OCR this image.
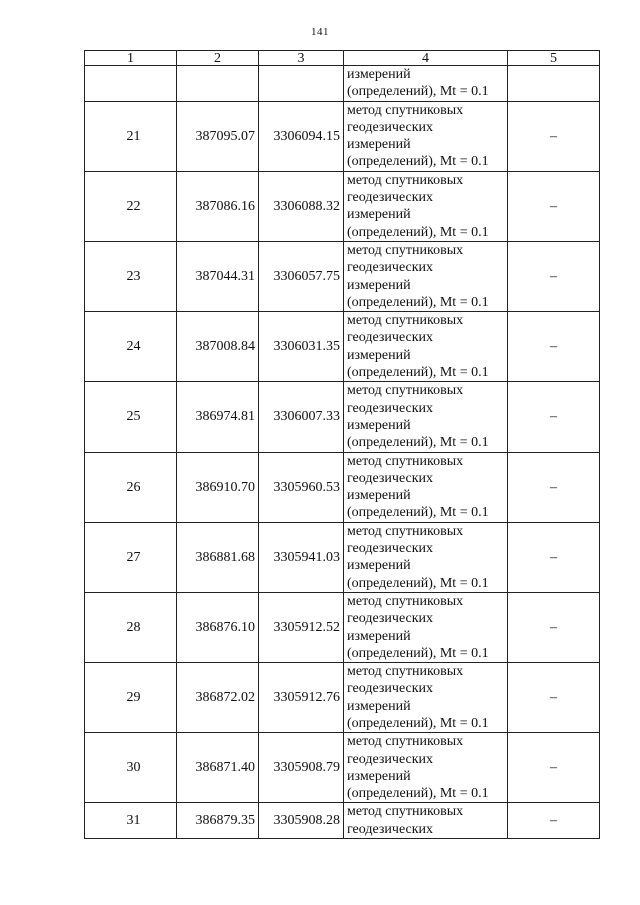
141
1	2	3	4	5

			измерений
(определений), Mt = 0.1	

21	387095.07	3306094.15	метод спутниковых
геодезических
измерений
(определений), Mt = 0.1	–
22	387086.16	3306088.32	метод спутниковых
геодезических
измерений
(определений), Mt = 0.1	–
23	387044.31	3306057.75	метод спутниковых
геодезических
измерений
(определений), Mt = 0.1	–
24	387008.84	3306031.35	метод спутниковых
геодезических
измерений
(определений), Mt = 0.1	–
25	386974.81	3306007.33	метод спутниковых
геодезических
измерений
(определений), Mt = 0.1	–
26	386910.70	3305960.53	метод спутниковых
геодезических
измерений
(определений), Mt = 0.1	–
27	386881.68	3305941.03	метод спутниковых
геодезических
измерений
(определений), Mt = 0.1	–
28	386876.10	3305912.52	метод спутниковых
геодезических
измерений
(определений), Mt = 0.1	–
29	386872.02	3305912.76	метод спутниковых
геодезических
измерений
(определений), Mt = 0.1	–
30	386871.40	3305908.79	метод спутниковых
геодезических
измерений
(определений), Mt = 0.1	–
31	386879.35	3305908.28	метод спутниковых
геодезических	–
